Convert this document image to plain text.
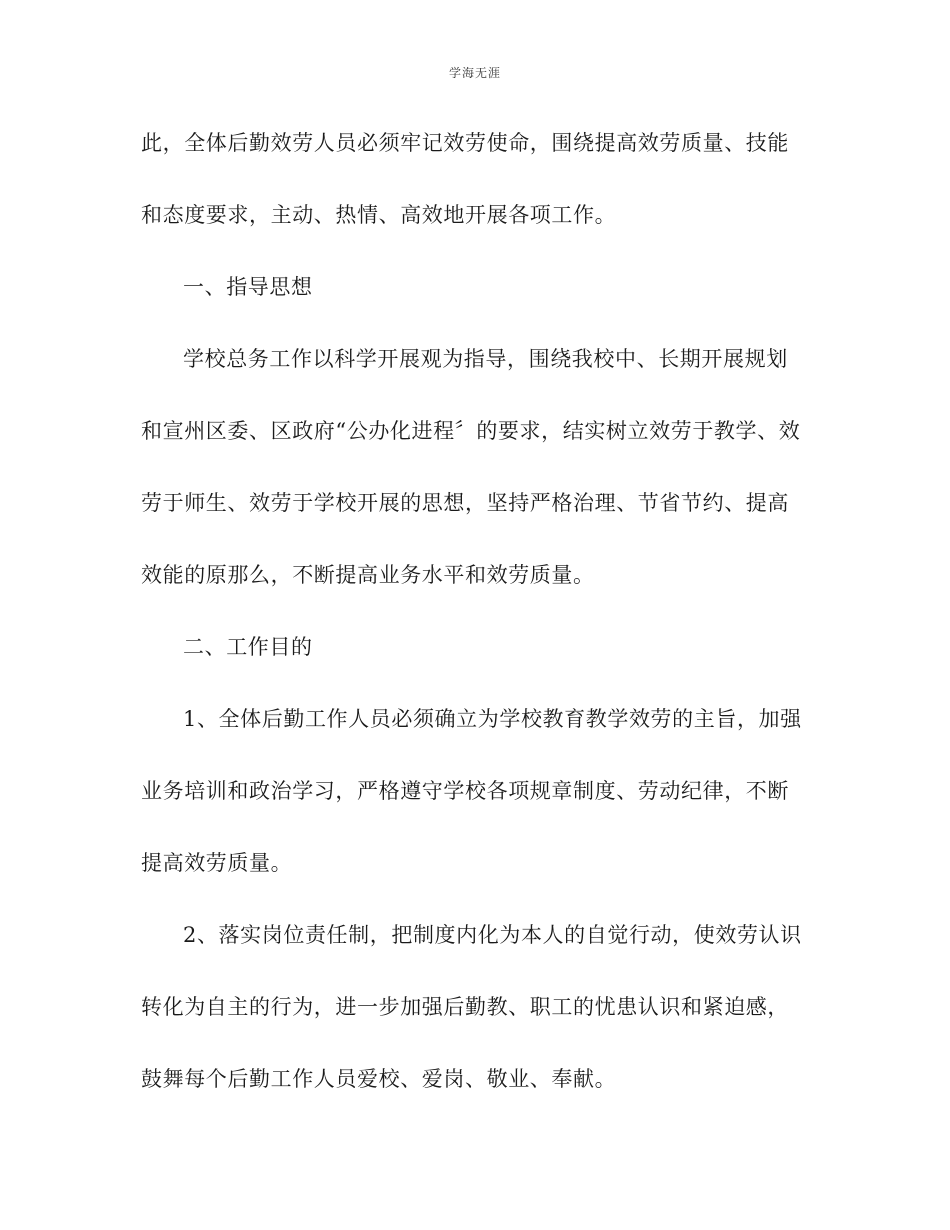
学海无涯
此，全体后勤效劳人员必须牢记效劳使命，围绕提高效劳质量、技能
和态度要求，主动、热情、高效地开展各项工作。
一、指导思想
学校总务工作以科学开展观为指导，围绕我校中、长期开展规划
和宣州区委、区政府“公办化进程〞的要求，结实树立效劳于教学、效
劳于师生、效劳于学校开展的思想，坚持严格治理、节省节约、提高
效能的原那么，不断提高业务水平和效劳质量。
二、工作目的
1、全体后勤工作人员必须确立为学校教育教学效劳的主旨，加强
业务培训和政治学习，严格遵守学校各项规章制度、劳动纪律，不断
提高效劳质量。
2、落实岗位责任制，把制度内化为本人的自觉行动，使效劳认识
转化为自主的行为，进一步加强后勤教、职工的忧患认识和紧迫感，
鼓舞每个后勤工作人员爱校、爱岗、敬业、奉献。
